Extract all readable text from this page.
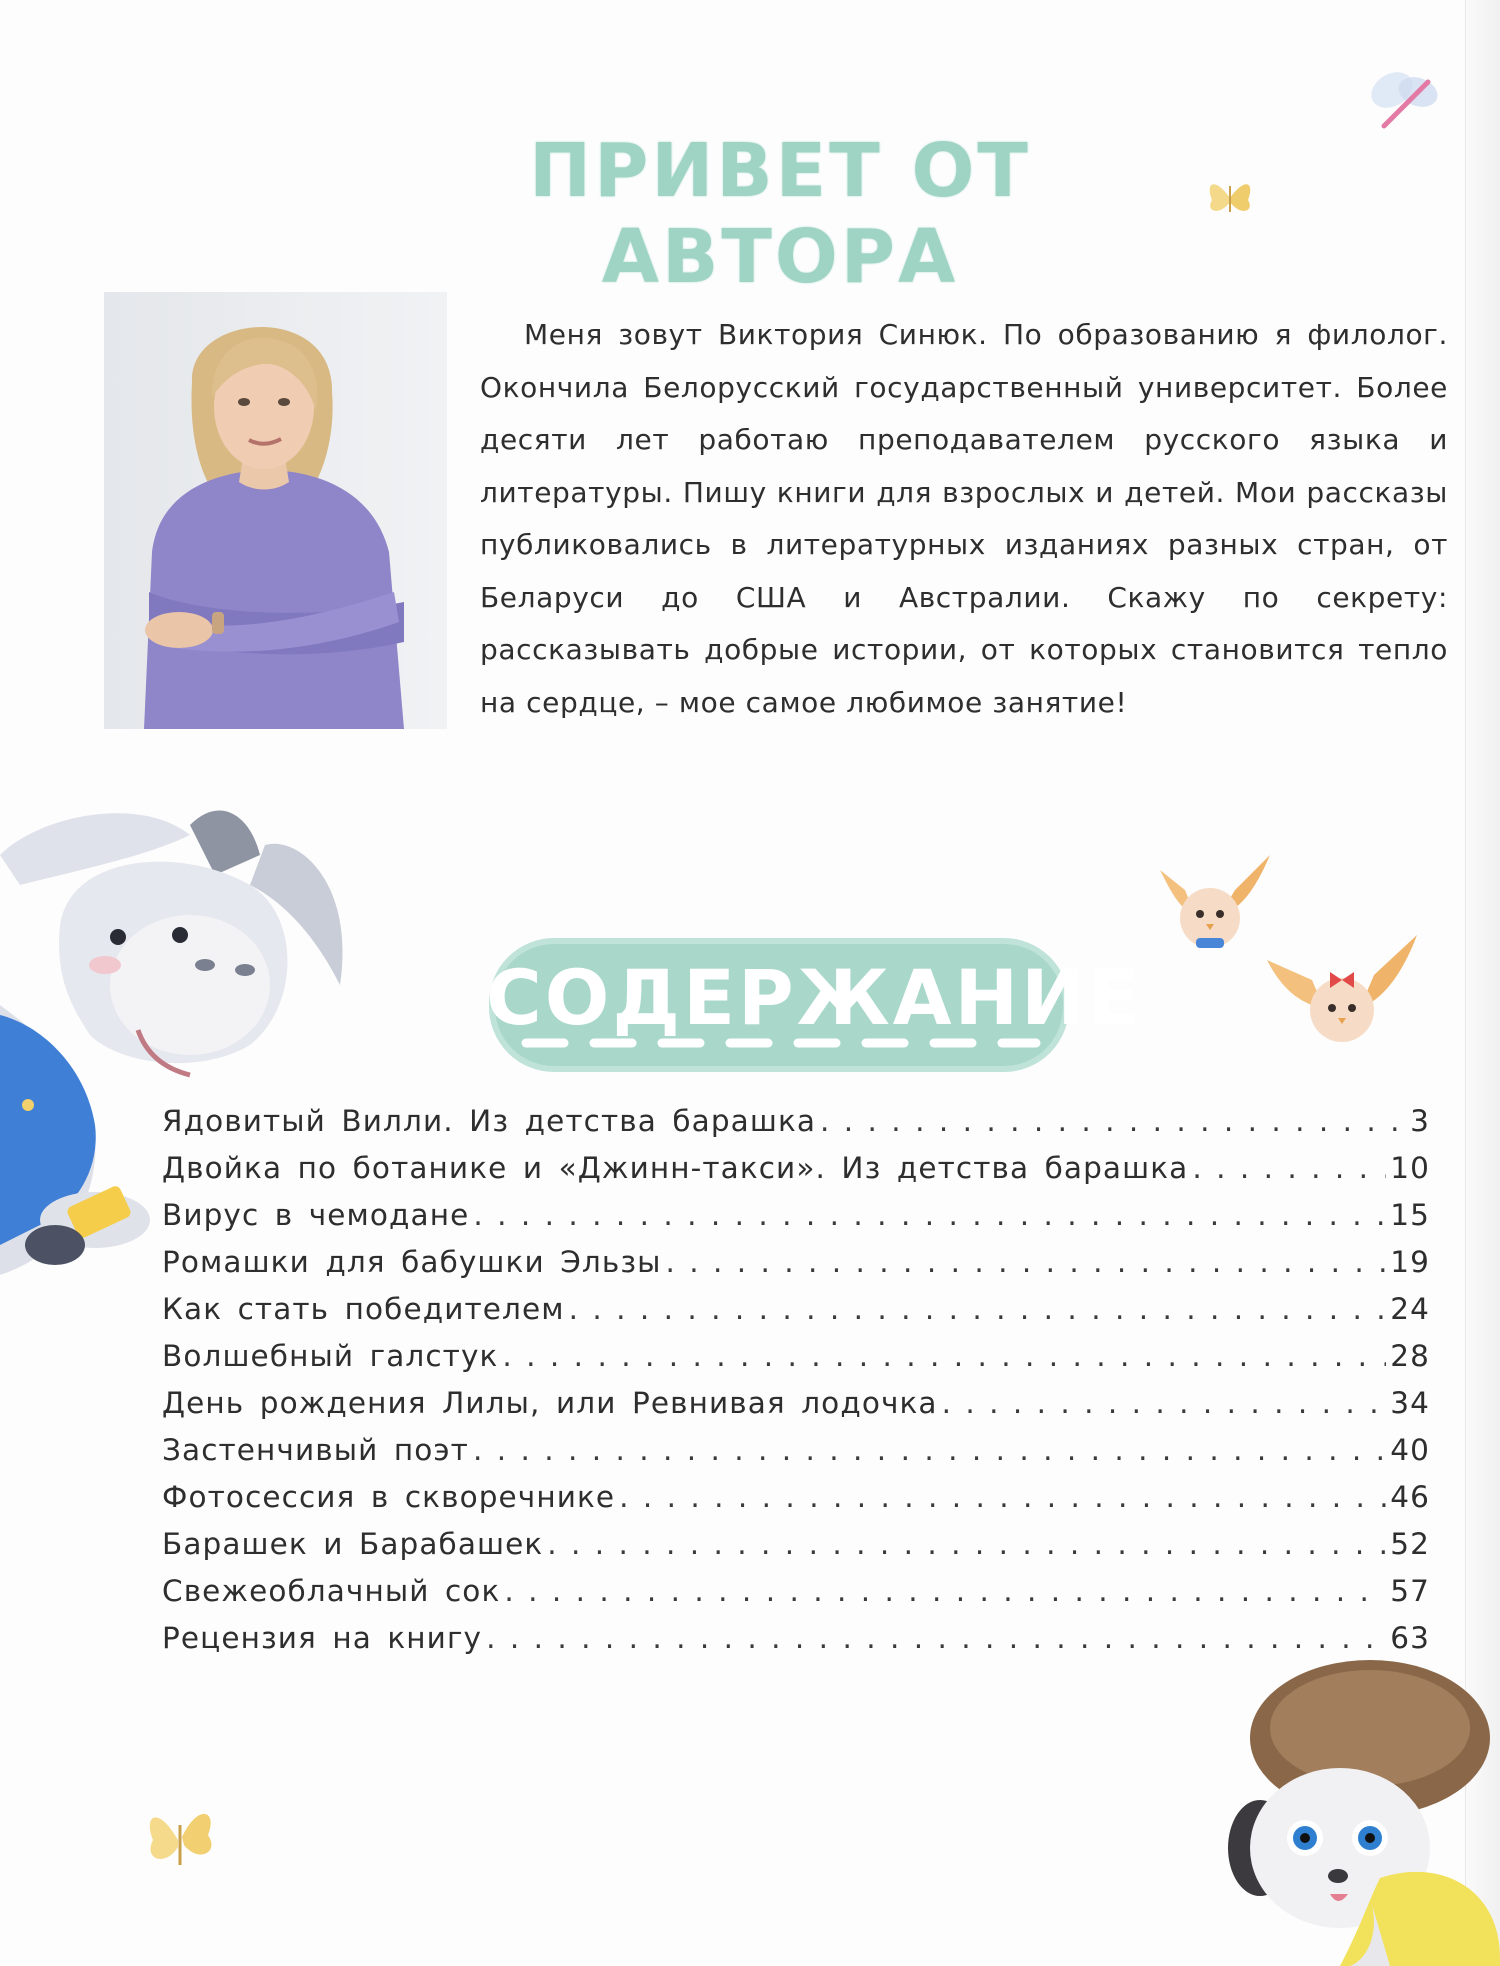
ПРИВЕТ ОТ АВТОРА

Меня зовут Виктория Синюк. По образованию я филолог. Окончила Белорусский государственный университет. Более десяти лет работаю преподавателем русского языка и литературы. Пишу книги для взрослых и детей. Мои рассказы публиковались в литературных изданиях разных стран, от Беларуси до США и Австралии. Скажу по секрету: рассказывать добрые истории, от которых становится тепло на сердце, – мое самое любимое занятие!

СОДЕРЖАНИЕ
Ядовитый Вилли. Из детства барашка . . .	3
Двойка по ботанике и «Джинн-такси». Из детства барашка . . .	10
Вирус в чемодане . . .	15
Ромашки для бабушки Эльзы . . .	19
Как стать победителем . . .	24
Волшебный галстук . . .	28
День рождения Лилы, или Ревнивая лодочка . . .	34
Застенчивый поэт . . .	40
Фотосессия в скворечнике . . .	46
Барашек и Барабашек . . .	52
Свежеоблачный сок . . .	57
Рецензия на книгу . . .	63
